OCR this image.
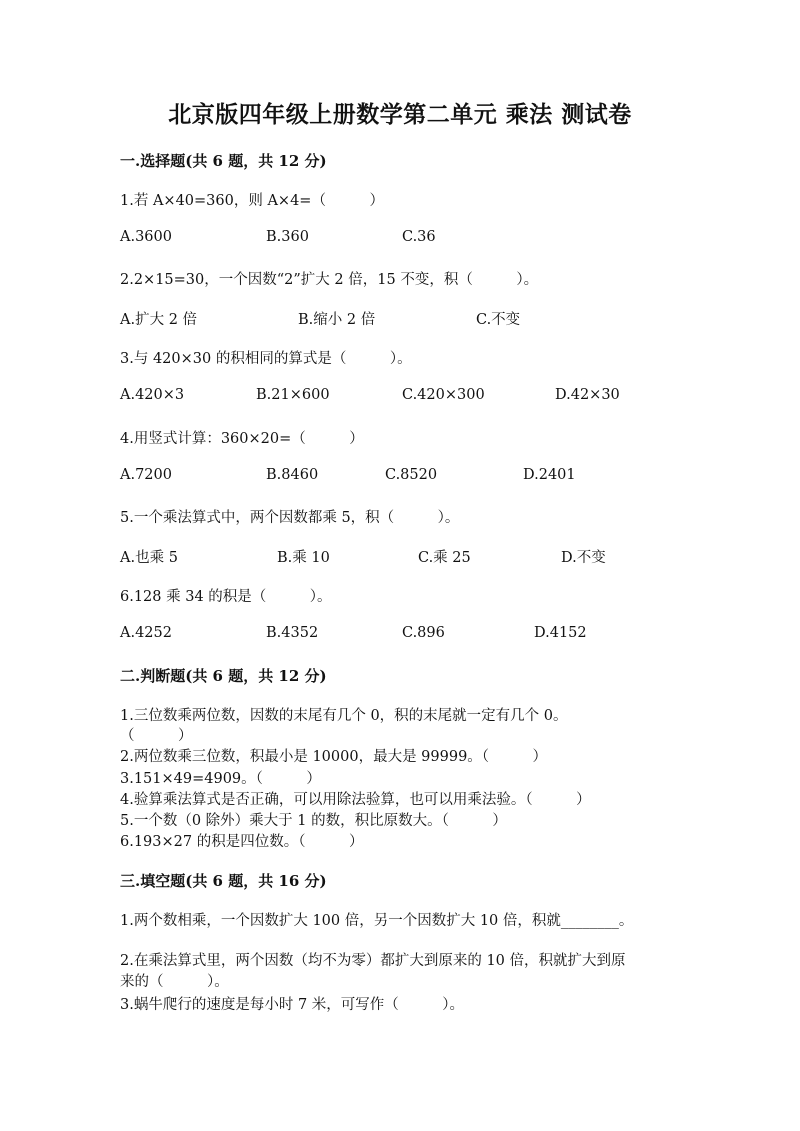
北京版四年级上册数学第二单元 乘法 测试卷
一.选择题(共 6 题，共 12 分)
1.若 A×40=360，则 A×4=（　　　）
A.3600	B.360	C.36
2.2×15=30，一个因数“2”扩大 2 倍，15 不变，积（　　　）。
A.扩大 2 倍	B.缩小 2 倍	C.不变
3.与 420×30 的积相同的算式是（　　　）。
A.420×3	B.21×600	C.420×300	D.42×30
4.用竖式计算：360×20=（　　　）
A.7200	B.8460	C.8520	D.2401
5.一个乘法算式中，两个因数都乘 5，积（　　　）。
A.也乘 5	B.乘 10	C.乘 25	D.不变
6.128 乘 34 的积是（　　　）。
A.4252	B.4352	C.896	D.4152
二.判断题(共 6 题，共 12 分)
1.三位数乘两位数，因数的末尾有几个 0，积的末尾就一定有几个 0。
（　　　）
2.两位数乘三位数，积最小是 10000，最大是 99999。（　　　）
3.151×49=4909。（　　　）
4.验算乘法算式是否正确，可以用除法验算，也可以用乘法验。（　　　）
5.一个数（0 除外）乘大于 1 的数，积比原数大。（　　　）
6.193×27 的积是四位数。（　　　）
三.填空题(共 6 题，共 16 分)
1.两个数相乘，一个因数扩大 100 倍，另一个因数扩大 10 倍，积就________。
2.在乘法算式里，两个因数（均不为零）都扩大到原来的 10 倍，积就扩大到原
来的（　　　）。
3.蜗牛爬行的速度是每小时 7 米，可写作（　　　）。
